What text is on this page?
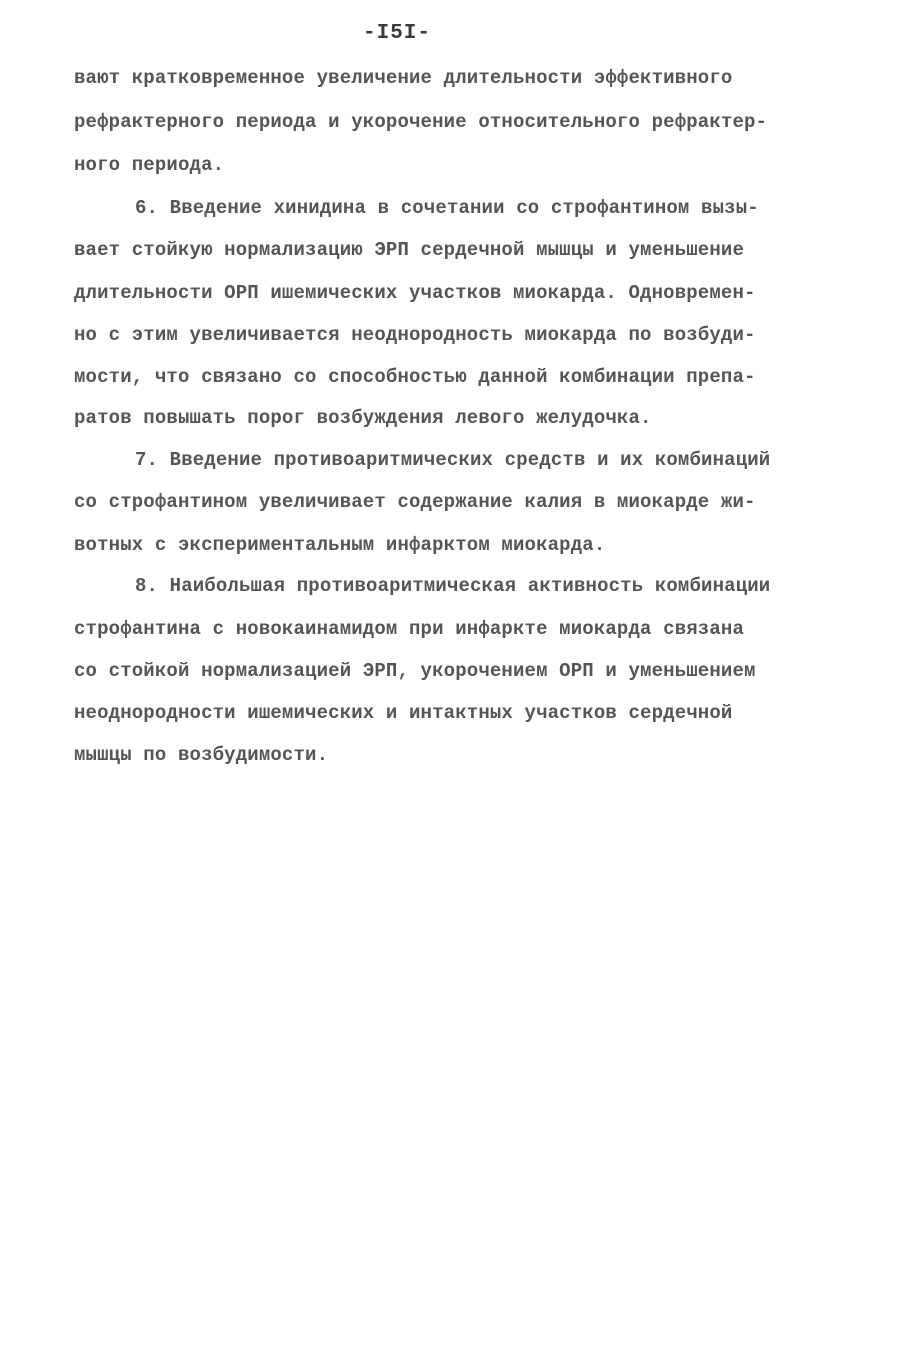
-I5I-
вают кратковременное увеличение длительности эффективного
рефрактерного периода и укорочение относительного рефрактер-
ного периода.
6. Введение хинидина в сочетании со строфантином вызы-
вает стойкую нормализацию ЭРП сердечной мышцы и уменьшение
длительности ОРП ишемических участков миокарда. Одновремен-
но с этим увеличивается неоднородность миокарда по возбуди-
мости, что связано со способностью данной комбинации препа-
ратов повышать порог возбуждения левого желудочка.
7. Введение противоаритмических средств и их комбинаций
со строфантином увеличивает содержание калия в миокарде жи-
вотных с экспериментальным инфарктом миокарда.
8. Наибольшая противоаритмическая активность комбинации
строфантина с новокаинамидом при инфаркте миокарда связана
со стойкой нормализацией ЭРП, укорочением ОРП и уменьшением
неоднородности ишемических и интактных участков сердечной
мышцы по возбудимости.
